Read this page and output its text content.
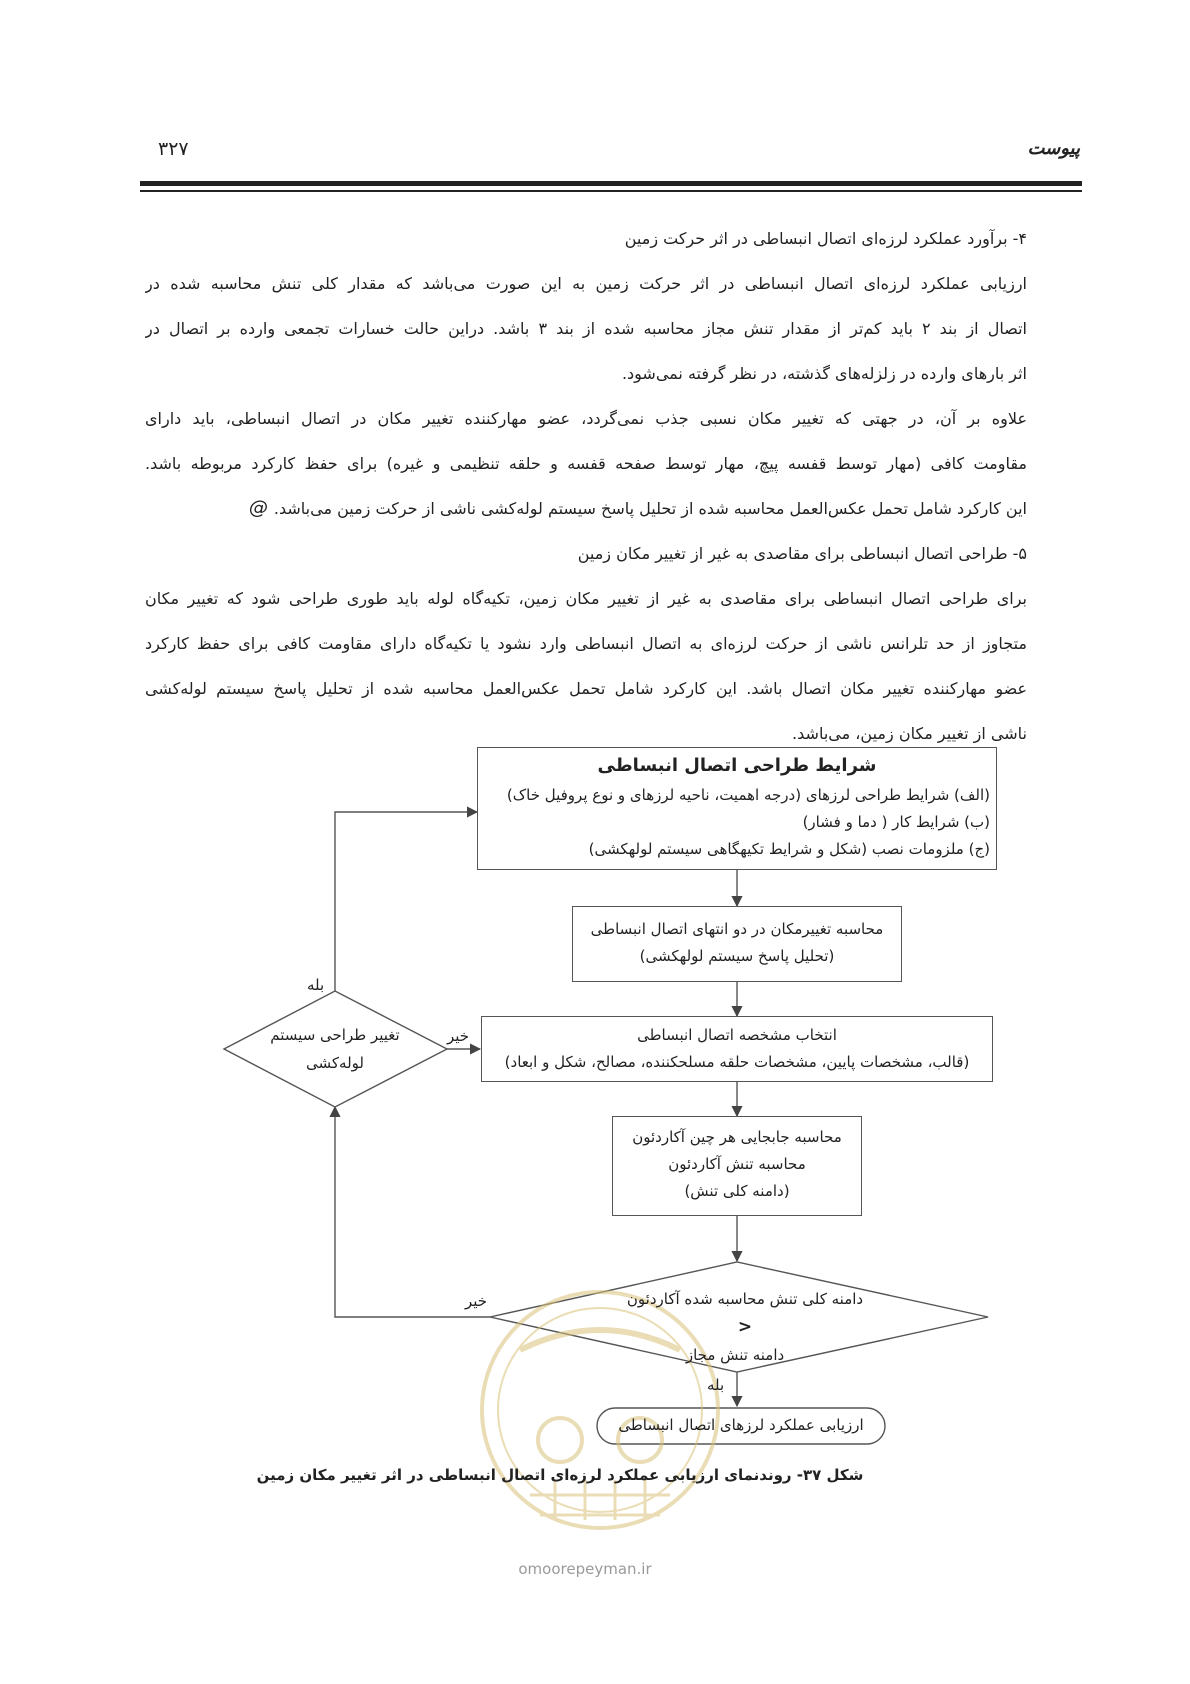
۳۲۷	پیوست
۴- برآورد عملکرد لرزه‌ای اتصال انبساطی در اثر حرکت زمین
ارزیابی عملکرد لرزه‌ای اتصال انبساطی در اثر حرکت زمین به این صورت می‌باشد که مقدار کلی تنش محاسبه شده در
اتصال از بند ۲ باید کم‌تر از مقدار تنش مجاز محاسبه شده از بند ۳ باشد. دراین حالت خسارات تجمعی وارده بر اتصال در
اثر بارهای وارده در زلزله‌های گذشته، در نظر گرفته نمی‌شود.
علاوه بر آن، در جهتی که تغییر مکان نسبی جذب نمی‌گردد، عضو مهارکننده تغییر مکان در اتصال انبساطی، باید دارای
مقاومت کافی (مهار توسط قفسه پیچ، مهار توسط صفحه قفسه و حلقه تنظیمی و غیره) برای حفظ کارکرد مربوطه باشد.
این کارکرد شامل تحمل عکس‌العمل محاسبه شده از تحلیل پاسخ سیستم لوله‌کشی ناشی از حرکت زمین می‌باشد.@
۵- طراحی اتصال انبساطی برای مقاصدی به غیر از تغییر مکان زمین
برای طراحی اتصال انبساطی برای مقاصدی به غیر از تغییر مکان زمین، تکیه‌گاه لوله باید طوری طراحی شود که تغییر مکان
متجاوز از حد تلرانس ناشی از حرکت لرزه‌ای به اتصال انبساطی وارد نشود یا تکیه‌گاه دارای مقاومت کافی برای حفظ کارکرد
عضو مهارکننده تغییر مکان اتصال باشد. این کارکرد شامل تحمل عکس‌العمل محاسبه شده از تحلیل پاسخ سیستم لوله‌کشی
ناشی از تغییر مکان زمین، می‌باشد.
omoorepeyman.ir
شرایط طراحی اتصال انبساطی
(الف) شرایط طراحی لرزهای (درجه اهمیت، ناحیه لرزهای و نوع پروفیل خاک)
(ب) شرایط کار ( دما و فشار)
(ج) ملزومات نصب (شکل و شرایط تکیهگاهی سیستم لولهکشی)
محاسبه تغییرمکان در دو انتهای اتصال انبساطی
(تحلیل پاسخ سیستم لولهکشی)
انتخاب مشخصه اتصال انبساطی
(قالب، مشخصات پایین، مشخصات حلقه مسلحکننده، مصالح، شکل و ابعاد)
محاسبه جابجایی هر چین آکاردئون
محاسبه تنش آکاردئون
(دامنه کلی تنش)
دامنه کلی تنش محاسبه شده آکاردئون
<
دامنه تنش مجاز
تغییر طراحی سیستم
لوله‌کشی
ارزیابی عملکرد لرزهای اتصال انبساطی
بله
خیر
خیر
بله
شکل ۳۷- روندنمای ارزیابی عملکرد لرزه‌ای اتصال انبساطی در اثر تغییر مکان زمین
